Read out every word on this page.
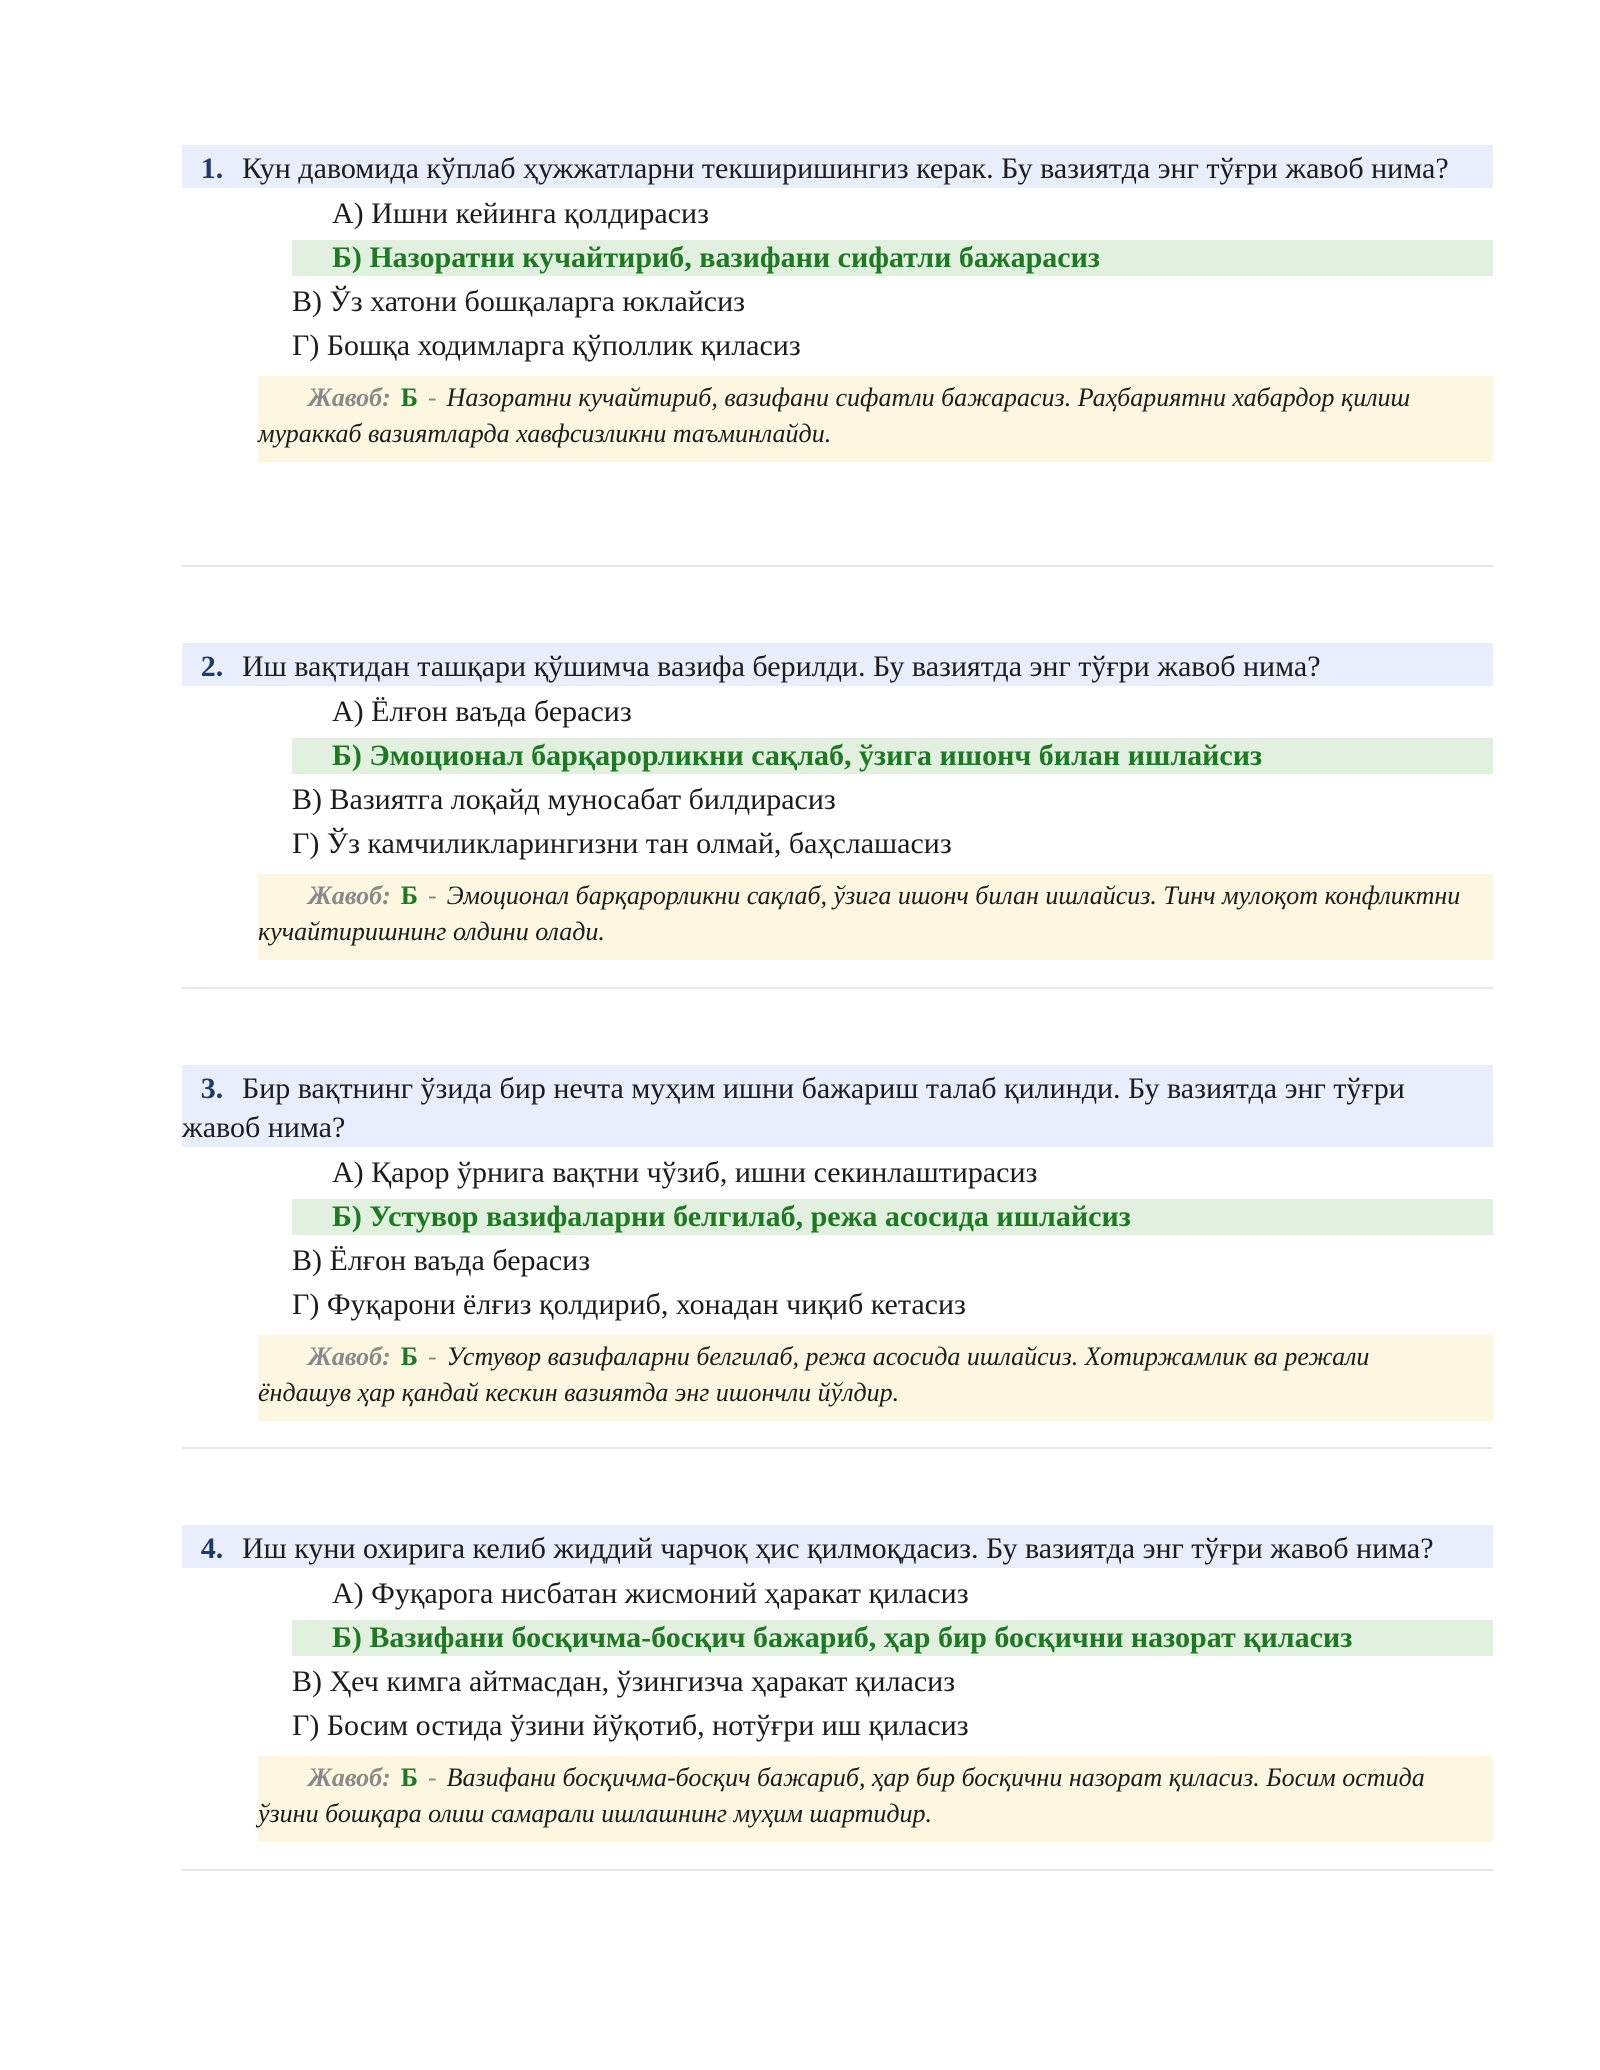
1. Кун давомида кўплаб ҳужжатларни текширишингиз керак. Бу вазиятда энг тўғри жавоб нима?
А) Ишни кейинга қолдирасиз
Б) Назоратни кучайтириб, вазифани сифатли бажарасиз
В) Ўз хатони бошқаларга юклайсиз
Г) Бошқа ходимларга қўполлик қиласиз
Жавоб: Б - Назоратни кучайтириб, вазифани сифатли бажарасиз. Раҳбариятни хабардор қилиш мураккаб вазиятларда хавфсизликни таъминлайди.
2. Иш вақтидан ташқари қўшимча вазифа берилди. Бу вазиятда энг тўғри жавоб нима?
А) Ёлғон ваъда берасиз
Б) Эмоционал барқарорликни сақлаб, ўзига ишонч билан ишлайсиз
В) Вазиятга лоқайд муносабат билдирасиз
Г) Ўз камчиликларингизни тан олмай, баҳслашасиз
Жавоб: Б - Эмоционал барқарорликни сақлаб, ўзига ишонч билан ишлайсиз. Тинч мулоқот конфликтни кучайтиришнинг олдини олади.
3. Бир вақтнинг ўзида бир нечта муҳим ишни бажариш талаб қилинди. Бу вазиятда энг тўғри жавоб нима?
А) Қарор ўрнига вақтни чўзиб, ишни секинлаштирасиз
Б) Устувор вазифаларни белгилаб, режа асосида ишлайсиз
В) Ёлғон ваъда берасиз
Г) Фуқарони ёлғиз қолдириб, хонадан чиқиб кетасиз
Жавоб: Б - Устувор вазифаларни белгилаб, режа асосида ишлайсиз. Хотиржамлик ва режали ёндашув ҳар қандай кескин вазиятда энг ишончли йўлдир.
4. Иш куни охирига келиб жиддий чарчоқ ҳис қилмоқдасиз. Бу вазиятда энг тўғри жавоб нима?
А) Фуқарога нисбатан жисмоний ҳаракат қиласиз
Б) Вазифани босқичма-босқич бажариб, ҳар бир босқични назорат қиласиз
В) Ҳеч кимга айтмасдан, ўзингизча ҳаракат қиласиз
Г) Босим остида ўзини йўқотиб, нотўғри иш қиласиз
Жавоб: Б - Вазифани босқичма-босқич бажариб, ҳар бир босқични назорат қиласиз. Босим остида ўзини бошқара олиш самарали ишлашнинг муҳим шартидир.
